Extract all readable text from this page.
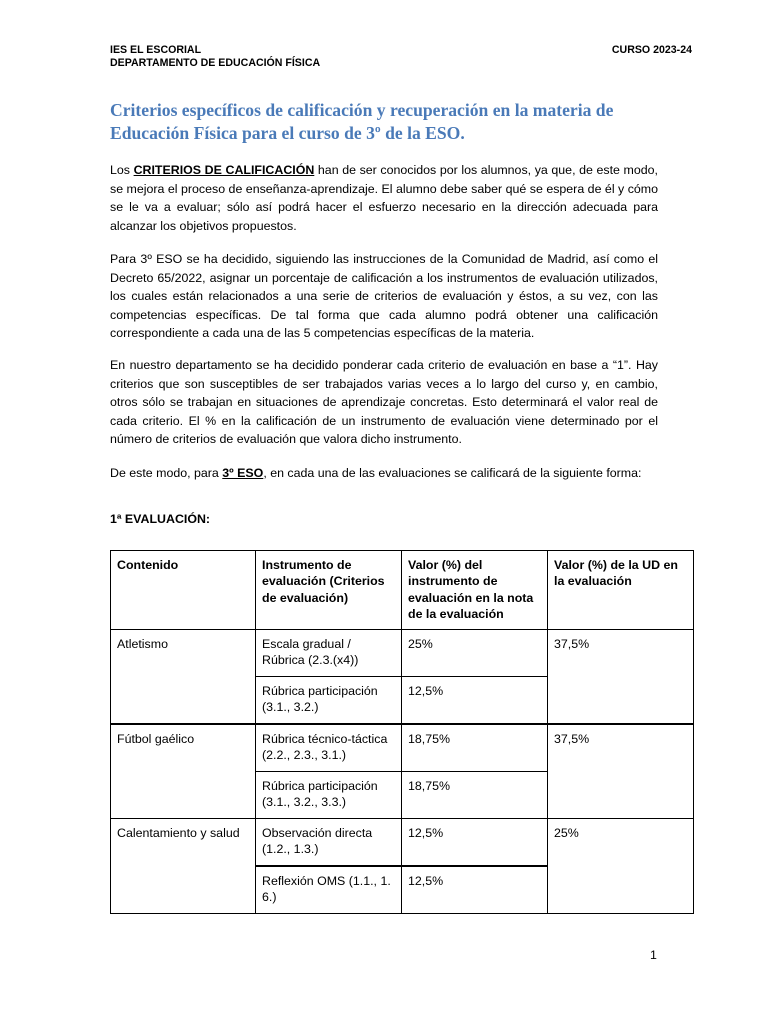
IES EL ESCORIAL
DEPARTAMENTO DE EDUCACIÓN FÍSICA
CURSO 2023-24
Criterios específicos de calificación y recuperación en la materia de Educación Física para el curso de 3º de la ESO.

Los CRITERIOS DE CALIFICACIÓN han de ser conocidos por los alumnos, ya que, de este modo, se mejora el proceso de enseñanza-aprendizaje. El alumno debe saber qué se espera de él y cómo se le va a evaluar; sólo así podrá hacer el esfuerzo necesario en la dirección adecuada para alcanzar los objetivos propuestos.

Para 3º ESO se ha decidido, siguiendo las instrucciones de la Comunidad de Madrid, así como el Decreto 65/2022, asignar un porcentaje de calificación a los instrumentos de evaluación utilizados, los cuales están relacionados a una serie de criterios de evaluación y éstos, a su vez, con las competencias específicas. De tal forma que cada alumno podrá obtener una calificación correspondiente a cada una de las 5 competencias específicas de la materia.

En nuestro departamento se ha decidido ponderar cada criterio de evaluación en base a “1”. Hay criterios que son susceptibles de ser trabajados varias veces a lo largo del curso y, en cambio, otros sólo se trabajan en situaciones de aprendizaje concretas. Esto determinará el valor real de cada criterio. El % en la calificación de un instrumento de evaluación viene determinado por el número de criterios de evaluación que valora dicho instrumento.

De este modo, para 3º ESO, en cada una de las evaluaciones se calificará de la siguiente forma:

1ª EVALUACIÓN:
Contenido	Instrumento de evaluación (Criterios de evaluación)	Valor (%) del instrumento de evaluación en la nota de la evaluación	Valor (%) de la UD en la evaluación
Atletismo	Escala gradual / Rúbrica (2.3.(x4))	25%	37,5%
	Rúbrica participación (3.1., 3.2.)	12,5%	
Fútbol gaélico	Rúbrica técnico-táctica (2.2., 2.3., 3.1.)	18,75%	37,5%
	Rúbrica participación (3.1., 3.2., 3.3.)	18,75%	
Calentamiento y salud	Observación directa (1.2., 1.3.)	12,5%	25%
	Reflexión OMS (1.1., 1. 6.)	12,5%	
1
